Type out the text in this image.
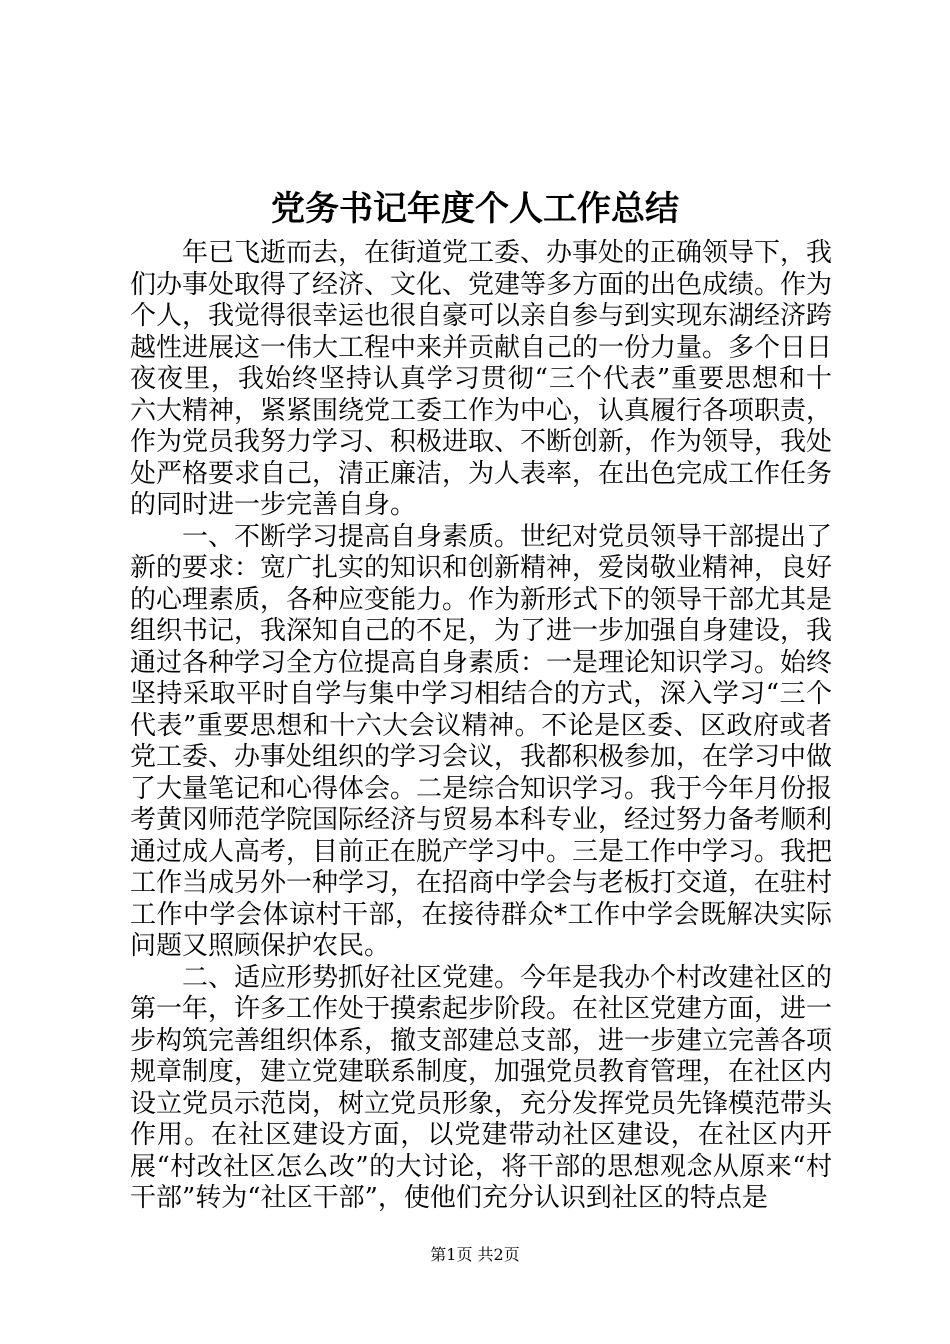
党务书记年度个人工作总结

年已飞逝而去，在街道党工委、办事处的正确领导下，我们办事处取得了经济、文化、党建等多方面的出色成绩。作为个人，我觉得很幸运也很自豪可以亲自参与到实现东湖经济跨越性进展这一伟大工程中来并贡献自己的一份力量。多个日日夜夜里，我始终坚持认真学习贯彻“三个代表”重要思想和十六大精神，紧紧围绕党工委工作为中心，认真履行各项职责，作为党员我努力学习、积极进取、不断创新，作为领导，我处处严格要求自己，清正廉洁，为人表率，在出色完成工作任务的同时进一步完善自身。

一、不断学习提高自身素质。世纪对党员领导干部提出了新的要求：宽广扎实的知识和创新精神，爱岗敬业精神，良好的心理素质，各种应变能力。作为新形式下的领导干部尤其是组织书记，我深知自己的不足，为了进一步加强自身建设，我通过各种学习全方位提高自身素质：一是理论知识学习。始终坚持采取平时自学与集中学习相结合的方式，深入学习“三个代表”重要思想和十六大会议精神。不论是区委、区政府或者党工委、办事处组织的学习会议，我都积极参加，在学习中做了大量笔记和心得体会。二是综合知识学习。我于今年月份报考黄冈师范学院国际经济与贸易本科专业，经过努力备考顺利通过成人高考，目前正在脱产学习中。三是工作中学习。我把工作当成另外一种学习，在招商中学会与老板打交道，在驻村工作中学会体谅村干部，在接待群众*工作中学会既解决实际问题又照顾保护农民。

二、适应形势抓好社区党建。今年是我办个村改建社区的第一年，许多工作处于摸索起步阶段。在社区党建方面，进一步构筑完善组织体系，撤支部建总支部，进一步建立完善各项规章制度，建立党建联系制度，加强党员教育管理，在社区内设立党员示范岗，树立党员形象，充分发挥党员先锋模范带头作用。在社区建设方面，以党建带动社区建设，在社区内开展“村改社区怎么改”的大讨论，将干部的思想观念从原来“村干部”转为“社区干部”，使他们充分认识到社区的特点是

第1页 共2页
